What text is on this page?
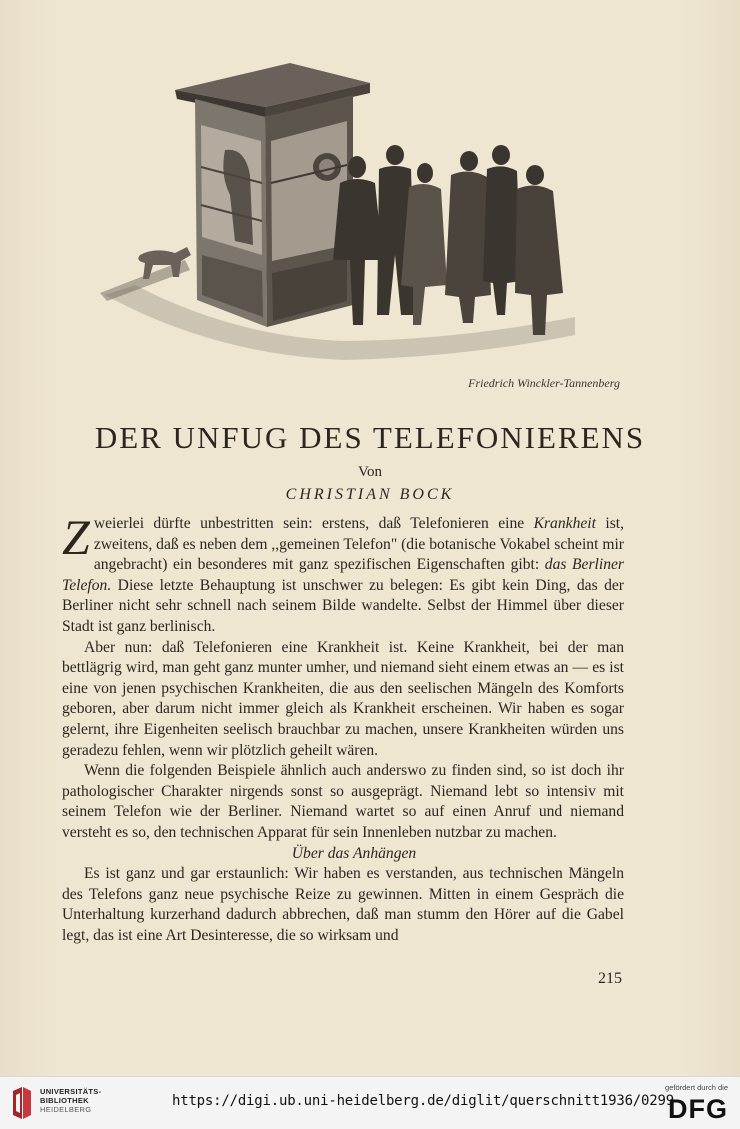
Friedrich Winckler-Tannenberg
DER UNFUG DES TELEFONIERENS
Von
CHRISTIAN BOCK

Zweierlei dürfte unbestritten sein: erstens, daß Telefonieren eine Krankheit ist, zweitens, daß es neben dem ,,gemeinen Telefon" (die botanische Vokabel scheint mir angebracht) ein besonderes mit ganz spezifischen Eigenschaften gibt: das Berliner Telefon. Diese letzte Behauptung ist unschwer zu belegen: Es gibt kein Ding, das der Berliner nicht sehr schnell nach seinem Bilde wandelte. Selbst der Himmel über dieser Stadt ist ganz berlinisch.

Aber nun: daß Telefonieren eine Krankheit ist. Keine Krankheit, bei der man bettlägrig wird, man geht ganz munter umher, und niemand sieht einem etwas an — es ist eine von jenen psychischen Krankheiten, die aus den seelischen Mängeln des Komforts geboren, aber darum nicht immer gleich als Krankheit erscheinen. Wir haben es sogar gelernt, ihre Eigenheiten seelisch brauchbar zu machen, unsere Krankheiten würden uns geradezu fehlen, wenn wir plötzlich geheilt wären.

Wenn die folgenden Beispiele ähnlich auch anderswo zu finden sind, so ist doch ihr pathologischer Charakter nirgends sonst so ausgeprägt. Niemand lebt so intensiv mit seinem Telefon wie der Berliner. Niemand wartet so auf einen Anruf und niemand versteht es so, den technischen Apparat für sein Innenleben nutzbar zu machen.

Über das Anhängen

Es ist ganz und gar erstaunlich: Wir haben es verstanden, aus technischen Mängeln des Telefons ganz neue psychische Reize zu gewinnen. Mitten in einem Gespräch die Unterhaltung kurzerhand dadurch abbrechen, daß man stumm den Hörer auf die Gabel legt, das ist eine Art Desinteresse, die so wirksam und

215
UNIVERSITÄTS-
BIBLIOTHEK
HEIDELBERG
https://digi.ub.uni-heidelberg.de/diglit/querschnitt1936/0299
gefördert durch die
DFG
